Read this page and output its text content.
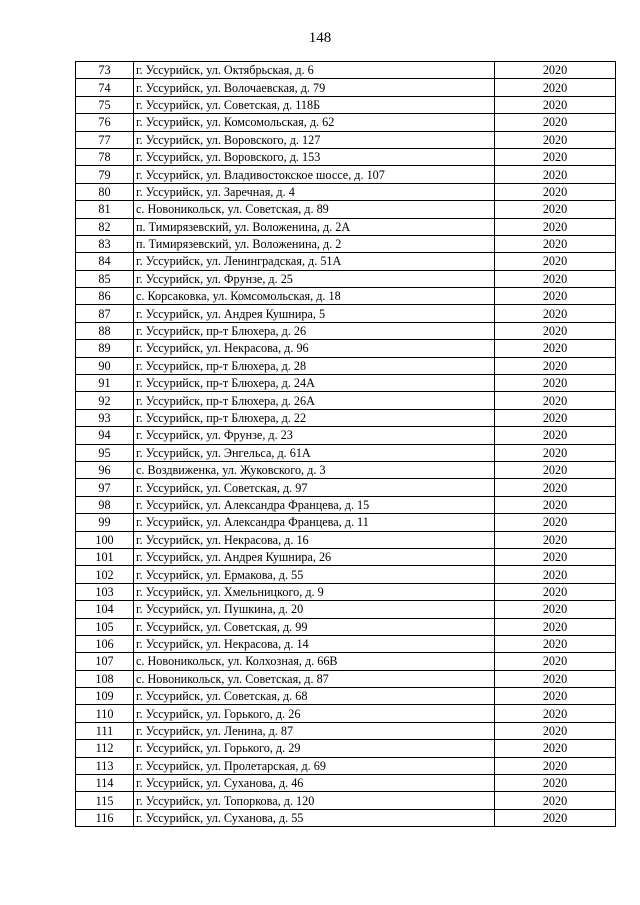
148
73	г. Уссурийск, ул. Октябрьская, д. 6	2020
74	г. Уссурийск, ул. Волочаевская, д. 79	2020
75	г. Уссурийск, ул. Советская, д. 118Б	2020
76	г. Уссурийск, ул. Комсомольская, д. 62	2020
77	г. Уссурийск, ул. Воровского, д. 127	2020
78	г. Уссурийск, ул. Воровского, д. 153	2020
79	г. Уссурийск, ул. Владивостокское шоссе, д. 107	2020
80	г. Уссурийск, ул. Заречная, д. 4	2020
81	с. Новоникольск, ул. Советская, д. 89	2020
82	п. Тимирязевский, ул. Воложенина, д. 2А	2020
83	п. Тимирязевский, ул. Воложенина, д. 2	2020
84	г. Уссурийск, ул. Ленинградская, д. 51А	2020
85	г. Уссурийск, ул. Фрунзе, д. 25	2020
86	с. Корсаковка, ул. Комсомольская, д. 18	2020
87	г. Уссурийск, ул. Андрея Кушнира, 5	2020
88	г. Уссурийск, пр-т Блюхера, д. 26	2020
89	г. Уссурийск, ул. Некрасова, д. 96	2020
90	г. Уссурийск, пр-т Блюхера, д. 28	2020
91	г. Уссурийск, пр-т Блюхера, д. 24А	2020
92	г. Уссурийск, пр-т Блюхера, д. 26А	2020
93	г. Уссурийск, пр-т Блюхера, д. 22	2020
94	г. Уссурийск, ул. Фрунзе, д. 23	2020
95	г. Уссурийск, ул. Энгельса, д. 61А	2020
96	с. Воздвиженка, ул. Жуковского, д. 3	2020
97	г. Уссурийск, ул. Советская, д. 97	2020
98	г. Уссурийск, ул. Александра Францева, д. 15	2020
99	г. Уссурийск, ул. Александра Францева, д. 11	2020
100	г. Уссурийск, ул. Некрасова, д. 16	2020
101	г. Уссурийск, ул. Андрея Кушнира, 26	2020
102	г. Уссурийск, ул. Ермакова, д. 55	2020
103	г. Уссурийск, ул. Хмельницкого, д. 9	2020
104	г. Уссурийск, ул. Пушкина, д. 20	2020
105	г. Уссурийск, ул. Советская, д. 99	2020
106	г. Уссурийск, ул. Некрасова, д. 14	2020
107	с. Новоникольск, ул. Колхозная, д. 66В	2020
108	с. Новоникольск, ул. Советская, д. 87	2020
109	г. Уссурийск, ул. Советская, д. 68	2020
110	г. Уссурийск, ул. Горького, д. 26	2020
111	г. Уссурийск, ул. Ленина, д. 87	2020
112	г. Уссурийск, ул. Горького, д. 29	2020
113	г. Уссурийск, ул. Пролетарская, д. 69	2020
114	г. Уссурийск, ул. Суханова, д. 46	2020
115	г. Уссурийск, ул. Топоркова, д. 120	2020
116	г. Уссурийск, ул. Суханова, д. 55	2020
